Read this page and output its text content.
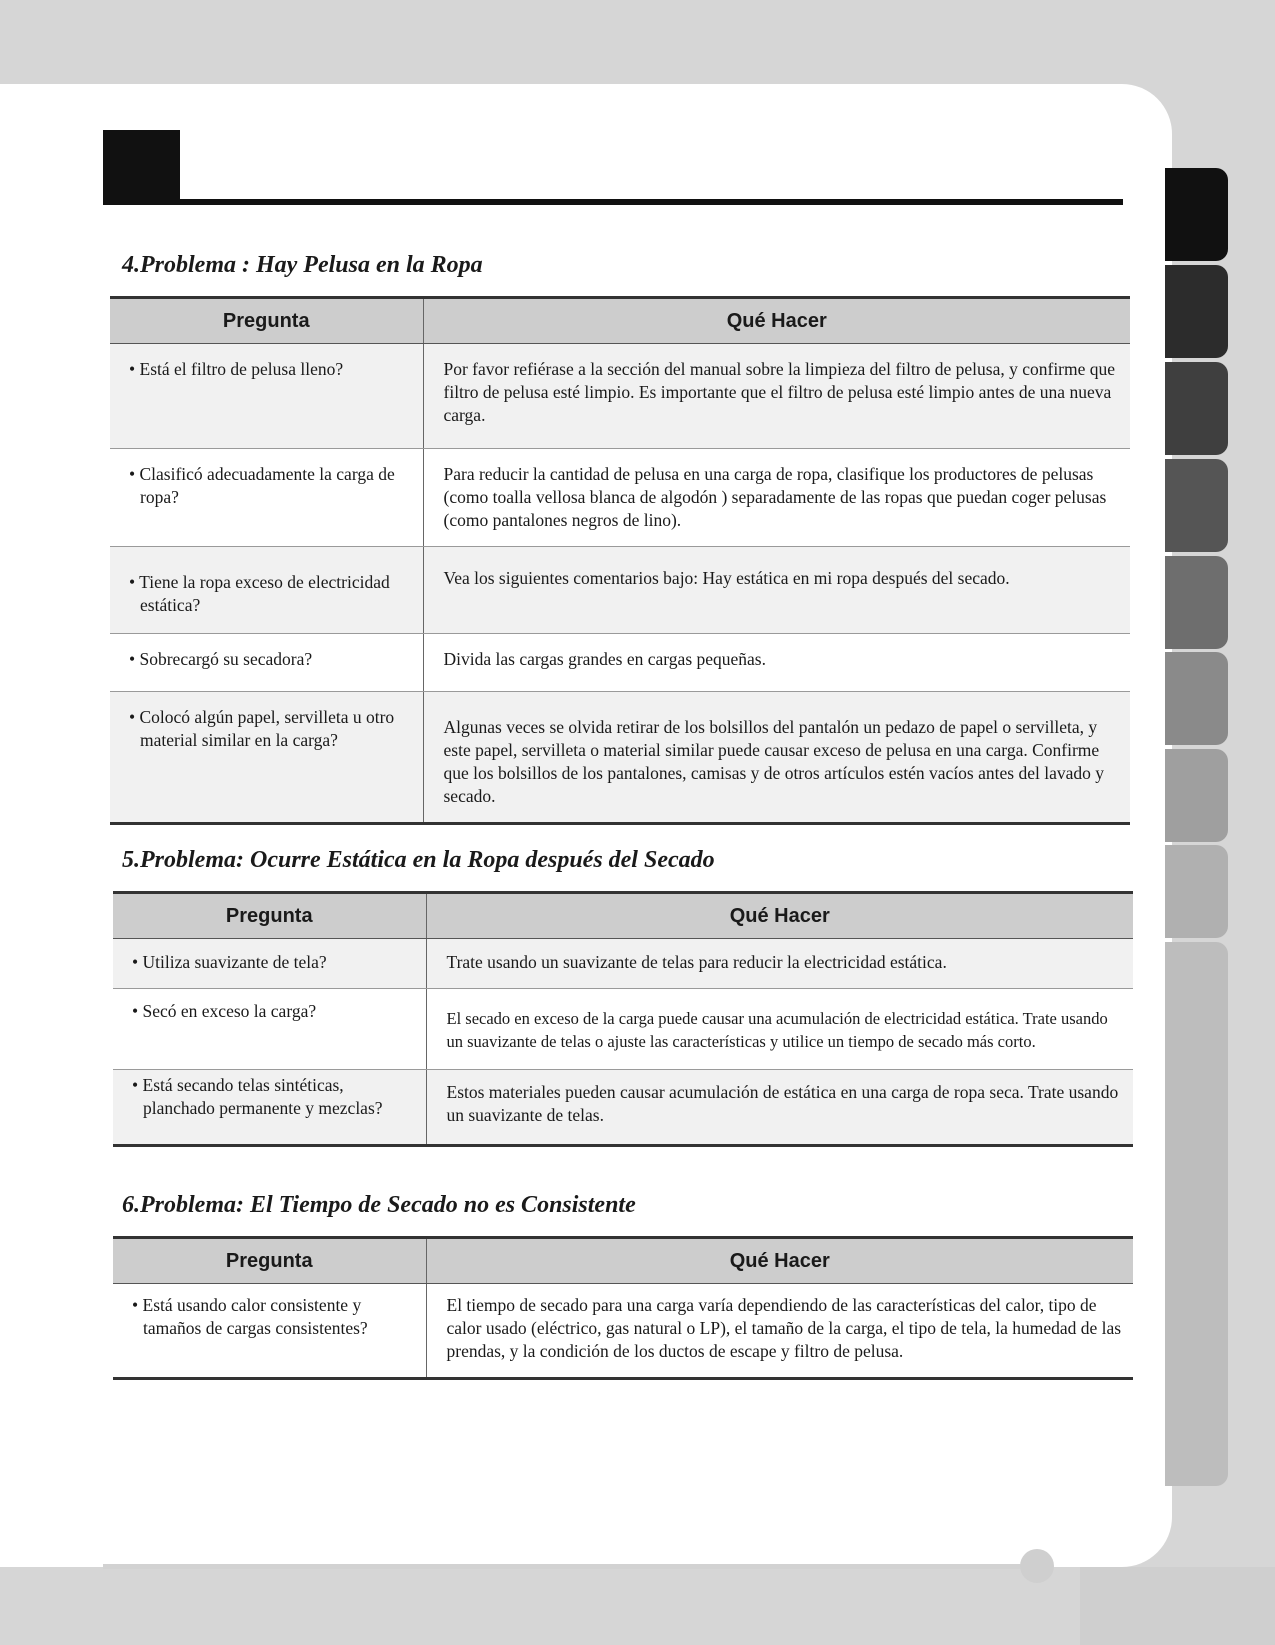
4.Problema : Hay Pelusa en la Ropa
Pregunta	Qué Hacer
• Está el filtro de pelusa lleno?	Por favor refiérase a la sección del manual sobre la limpieza del filtro de pelusa, y confirme que filtro de pelusa esté limpio. Es importante que el filtro de pelusa esté limpio antes de una nueva carga.
• Clasificó adecuadamente la carga de ropa?	Para reducir la cantidad de pelusa en una carga de ropa, clasifique los productores de pelusas (como toalla vellosa blanca de algodón ) separadamente de las ropas que puedan coger pelusas (como pantalones negros de lino).
• Tiene la ropa exceso de electricidad estática?	Vea los siguientes comentarios bajo: Hay estática en mi ropa después del secado.
• Sobrecargó su secadora?	Divida las cargas grandes en cargas pequeñas.
• Colocó algún papel, servilleta u otro material similar en la carga?	Algunas veces se olvida retirar de los bolsillos del pantalón un pedazo de papel o servilleta, y este papel, servilleta o material similar puede causar exceso de pelusa en una carga. Confirme que los bolsillos de los pantalones, camisas y de otros artículos estén vacíos antes del lavado y secado.
5.Problema: Ocurre Estática en la Ropa después del Secado
Pregunta	Qué Hacer
• Utiliza suavizante de tela?	Trate usando un suavizante de telas para reducir la electricidad estática.
• Secó en exceso la carga?	El secado en exceso de la carga puede causar una acumulación de electricidad estática. Trate usando un suavizante de telas o ajuste las características y utilice un tiempo de secado más corto.
• Está secando telas sintéticas, planchado permanente y mezclas?	Estos materiales pueden causar acumulación de estática en una carga de ropa seca. Trate usando un suavizante de telas.
6.Problema: El Tiempo de Secado no es Consistente
Pregunta	Qué Hacer
• Está usando calor consistente y tamaños de cargas consistentes?	El tiempo de secado para una carga varía dependiendo de las características del calor, tipo de calor usado (eléctrico, gas natural o LP), el tamaño de la carga, el tipo de tela, la humedad de las prendas, y la condición de los ductos de escape y filtro de pelusa.
